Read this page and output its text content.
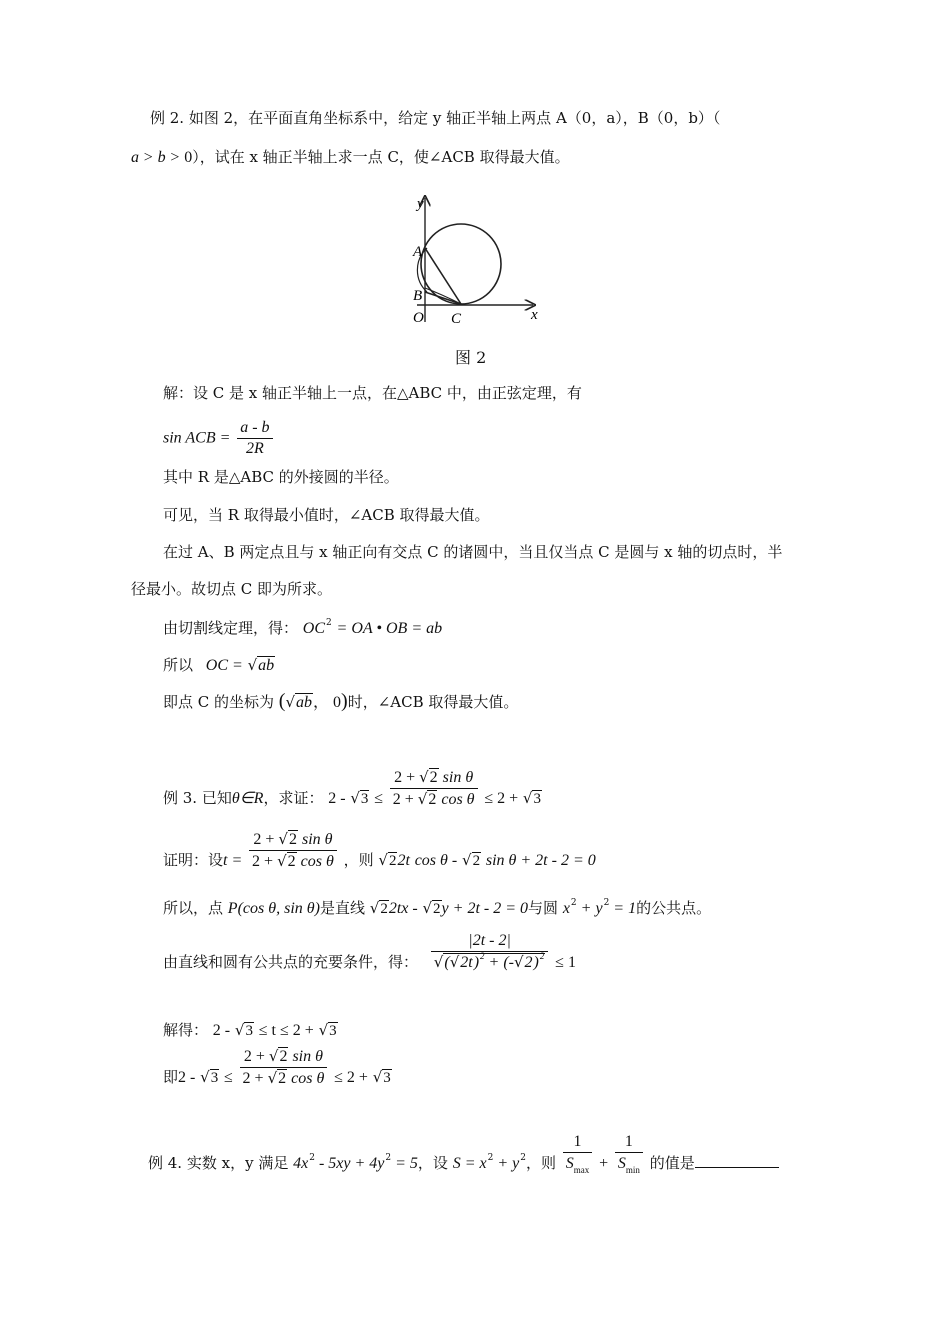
例 2. 如图 2，在平面直角坐标系中，给定 y 轴正半轴上两点 A（0，a），B（0，b）（
a > b > 0），试在 x 轴正半轴上求一点 C，使∠ACB 取得最大值。
y
A
B
O C	x
图 2
解：设 C 是 x 轴正半轴上一点，在△ABC 中，由正弦定理，有
sin ACB = $\frac{a - b}{2R}$
其中 R 是△ABC 的外接圆的半径。
可见，当 R 取得最小值时，∠ACB 取得最大值。
在过 A、B 两定点且与 x 轴正向有交点 C 的诸圆中，当且仅当点 C 是圆与 x 轴的切点时，半
径最小。故切点 C 即为所求。
由切割线定理，得： $OC^2$ = OA • OB = ab
所以 OC = √ab
即点 C 的坐标为 (√ab， 0)时，∠ACB 取得最大值。
例 3. 已知θ∈R，求证： $2 - √3 \le \frac{\text{2 + √2 sin θ}}{\text{2 + √2 cos θ}} \le 2 + √3$
证明：设$t = \frac{\text{2 + √2 sin θ}}{\text{2 + √2 cos θ}}$ ，则 √22t cos θ - √2 sin θ + 2t - 2 = 0
所以，点 P(cos θ, sin θ)是直线 √22tx - √2y + 2t - 2 = 0与圆 $x^2 + y^2 = 1$的公共点。
由直线和圆有公共点的充要条件，得： $\frac{|2t - 2|}{√(√2t)^2 + (-√2)^2} \le 1$
解得： 2 - √3 ≤ t ≤ 2 + √3
即$2 - √3 \le \frac{\text{2 + √2 sin θ}}{\text{2 + √2 cos θ}} \le 2 + √3$
例 4. 实数 x，y 满足 $4x^2 - 5xy + 4y^2 = 5$，设 $S = x^2 + y^2$，则 $\frac{1}{S_{max}} + \frac{1}{S_{min}}$ 的值是
